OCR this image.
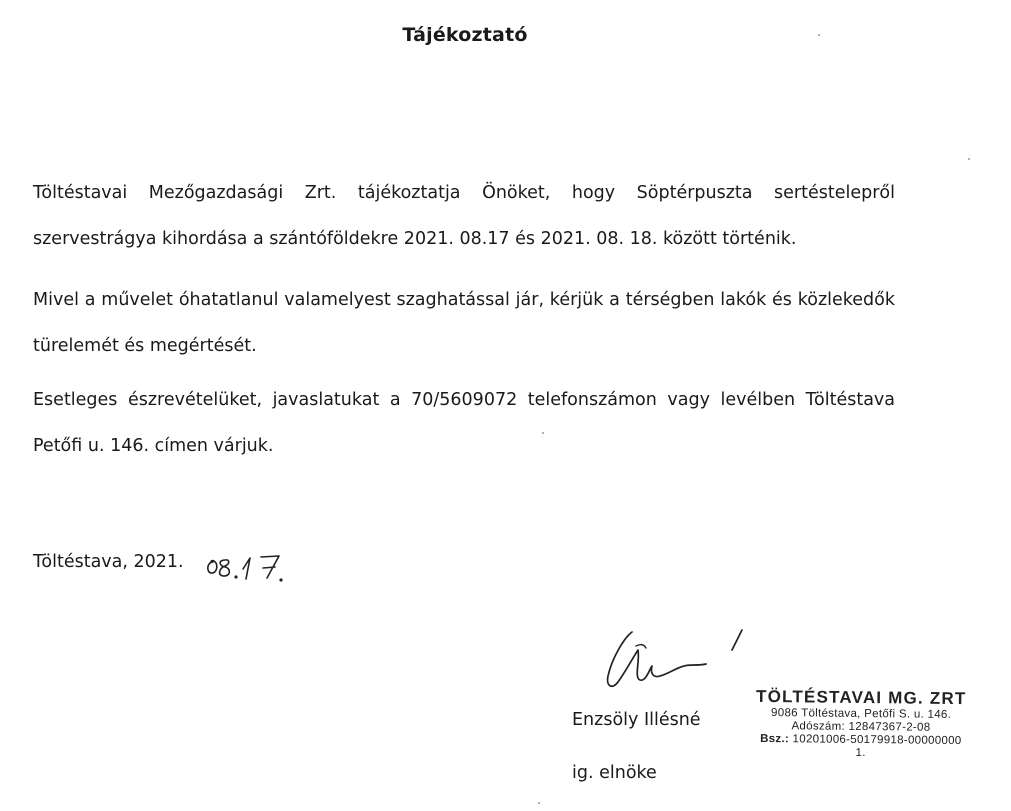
Tájékoztató
Töltéstavai Mezőgazdasági Zrt. tájékoztatja Önöket, hogy Söptérpuszta sertéstelepről szervestrágya kihordása a szántóföldekre 2021. 08.17 és 2021. 08. 18. között történik.
Mivel a művelet óhatatlanul valamelyest szaghatással jár, kérjük a térségben lakók és közlekedők türelemét és megértését.
Esetleges észrevételüket, javaslatukat a 70/5609072 telefonszámon vagy levélben Töltéstava Petőfi u. 146. címen várjuk.
Töltéstava, 2021.
Enzsöly Illésné
ig. elnöke
TÖLTÉSTAVAI MG. ZRT
9086 Töltéstava, Petőfi S. u. 146.
Adószám: 12847367-2-08
Bsz.: 10201006-50179918-00000000
1.
